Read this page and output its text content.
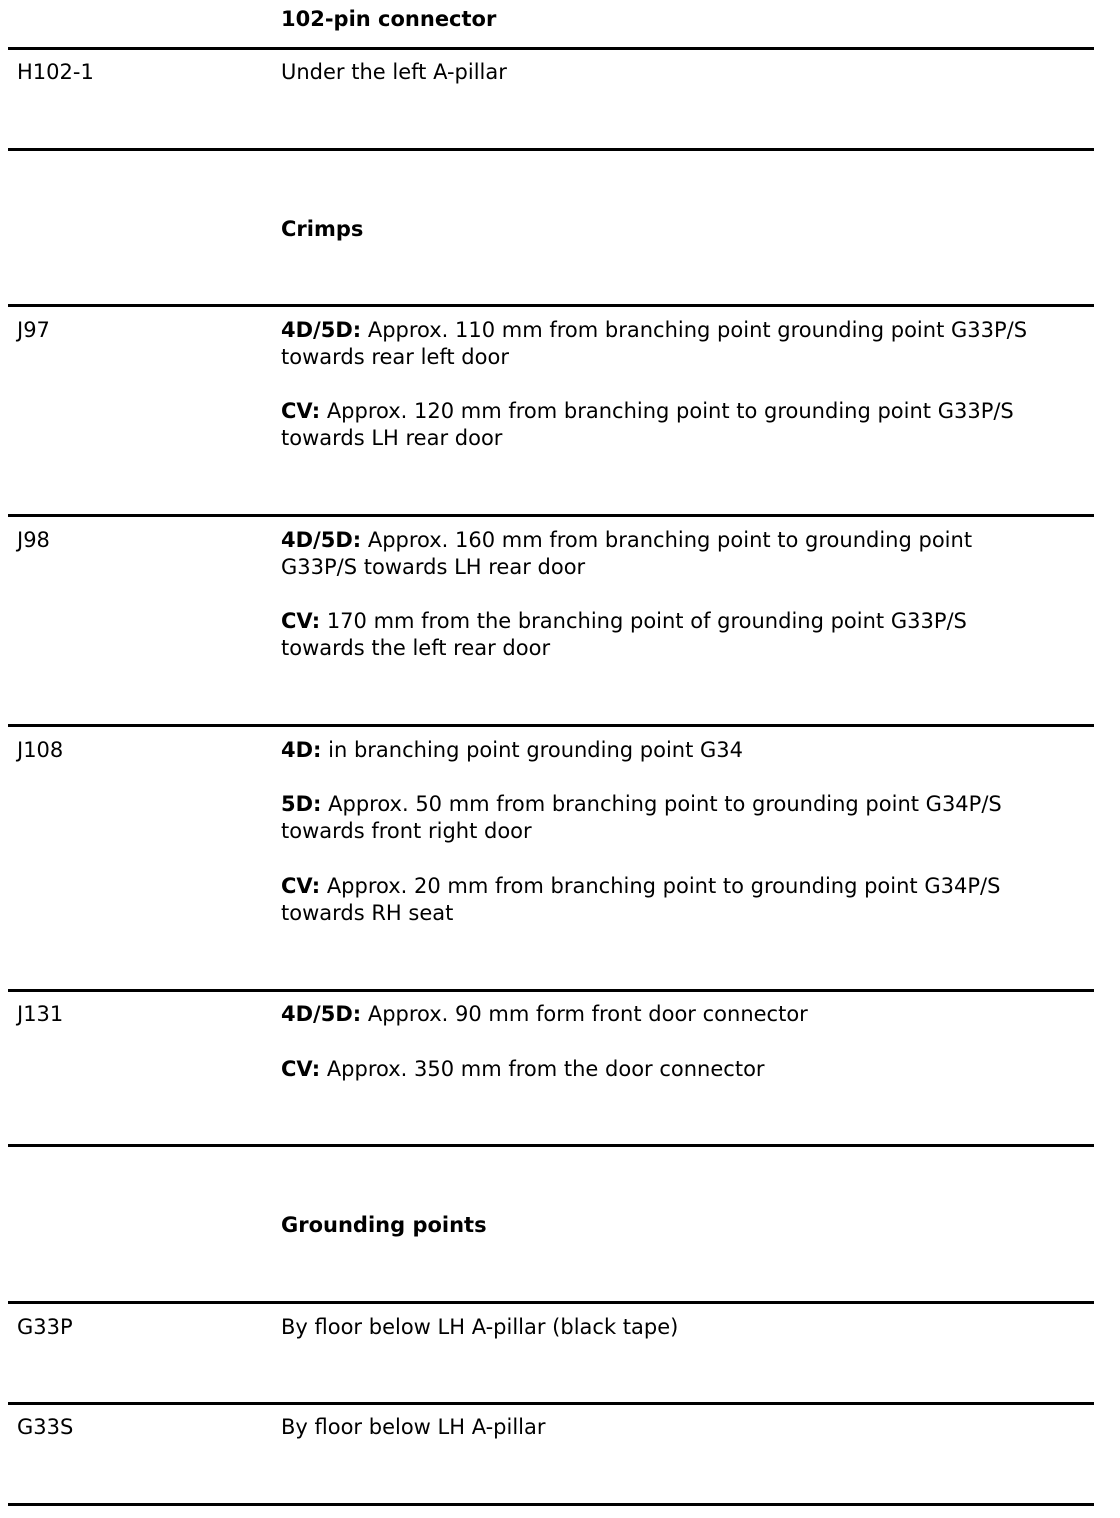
102-pin connector
H102-1	Under the left A-pillar
Crimps
J97	4D/5D: Approx. 110 mm from branching point grounding point G33P/S
towards rear left door
CV: Approx. 120 mm from branching point to grounding point G33P/S
towards LH rear door
J98	4D/5D: Approx. 160 mm from branching point to grounding point
G33P/S towards LH rear door
CV: 170 mm from the branching point of grounding point G33P/S
towards the left rear door
J108	4D: in branching point grounding point G34
5D: Approx. 50 mm from branching point to grounding point G34P/S
towards front right door
CV: Approx. 20 mm from branching point to grounding point G34P/S
towards RH seat
J131	4D/5D: Approx. 90 mm form front door connector
CV: Approx. 350 mm from the door connector
Grounding points
G33P	By floor below LH A-pillar (black tape)
G33S	By floor below LH A-pillar
